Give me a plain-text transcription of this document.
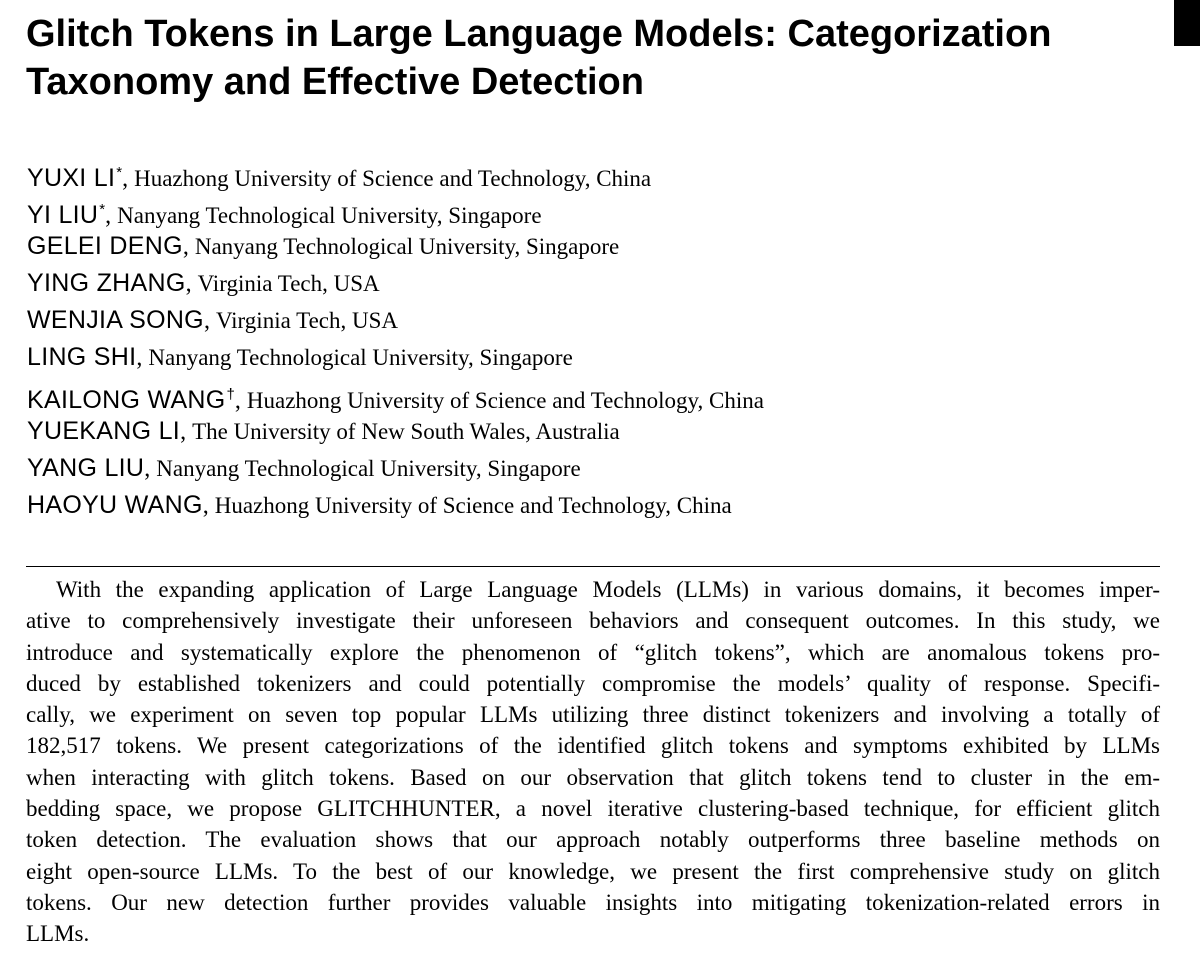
Glitch Tokens in Large Language Models: Categorization
Taxonomy and Effective Detection
YUXI LI*, Huazhong University of Science and Technology, China
YI LIU*, Nanyang Technological University, Singapore
GELEI DENG, Nanyang Technological University, Singapore
YING ZHANG, Virginia Tech, USA
WENJIA SONG, Virginia Tech, USA
LING SHI, Nanyang Technological University, Singapore
KAILONG WANG†, Huazhong University of Science and Technology, China
YUEKANG LI, The University of New South Wales, Australia
YANG LIU, Nanyang Technological University, Singapore
HAOYU WANG, Huazhong University of Science and Technology, China
With the expanding application of Large Language Models (LLMs) in various domains, it becomes imper-
ative to comprehensively investigate their unforeseen behaviors and consequent outcomes. In this study, we
introduce and systematically explore the phenomenon of “glitch tokens”, which are anomalous tokens pro-
duced by established tokenizers and could potentially compromise the models’ quality of response. Specifi-
cally, we experiment on seven top popular LLMs utilizing three distinct tokenizers and involving a totally of
182,517 tokens. We present categorizations of the identified glitch tokens and symptoms exhibited by LLMs
when interacting with glitch tokens. Based on our observation that glitch tokens tend to cluster in the em-
bedding space, we propose GLITCHHUNTER, a novel iterative clustering-based technique, for efficient glitch
token detection. The evaluation shows that our approach notably outperforms three baseline methods on
eight open-source LLMs. To the best of our knowledge, we present the first comprehensive study on glitch
tokens. Our new detection further provides valuable insights into mitigating tokenization-related errors in
LLMs.
